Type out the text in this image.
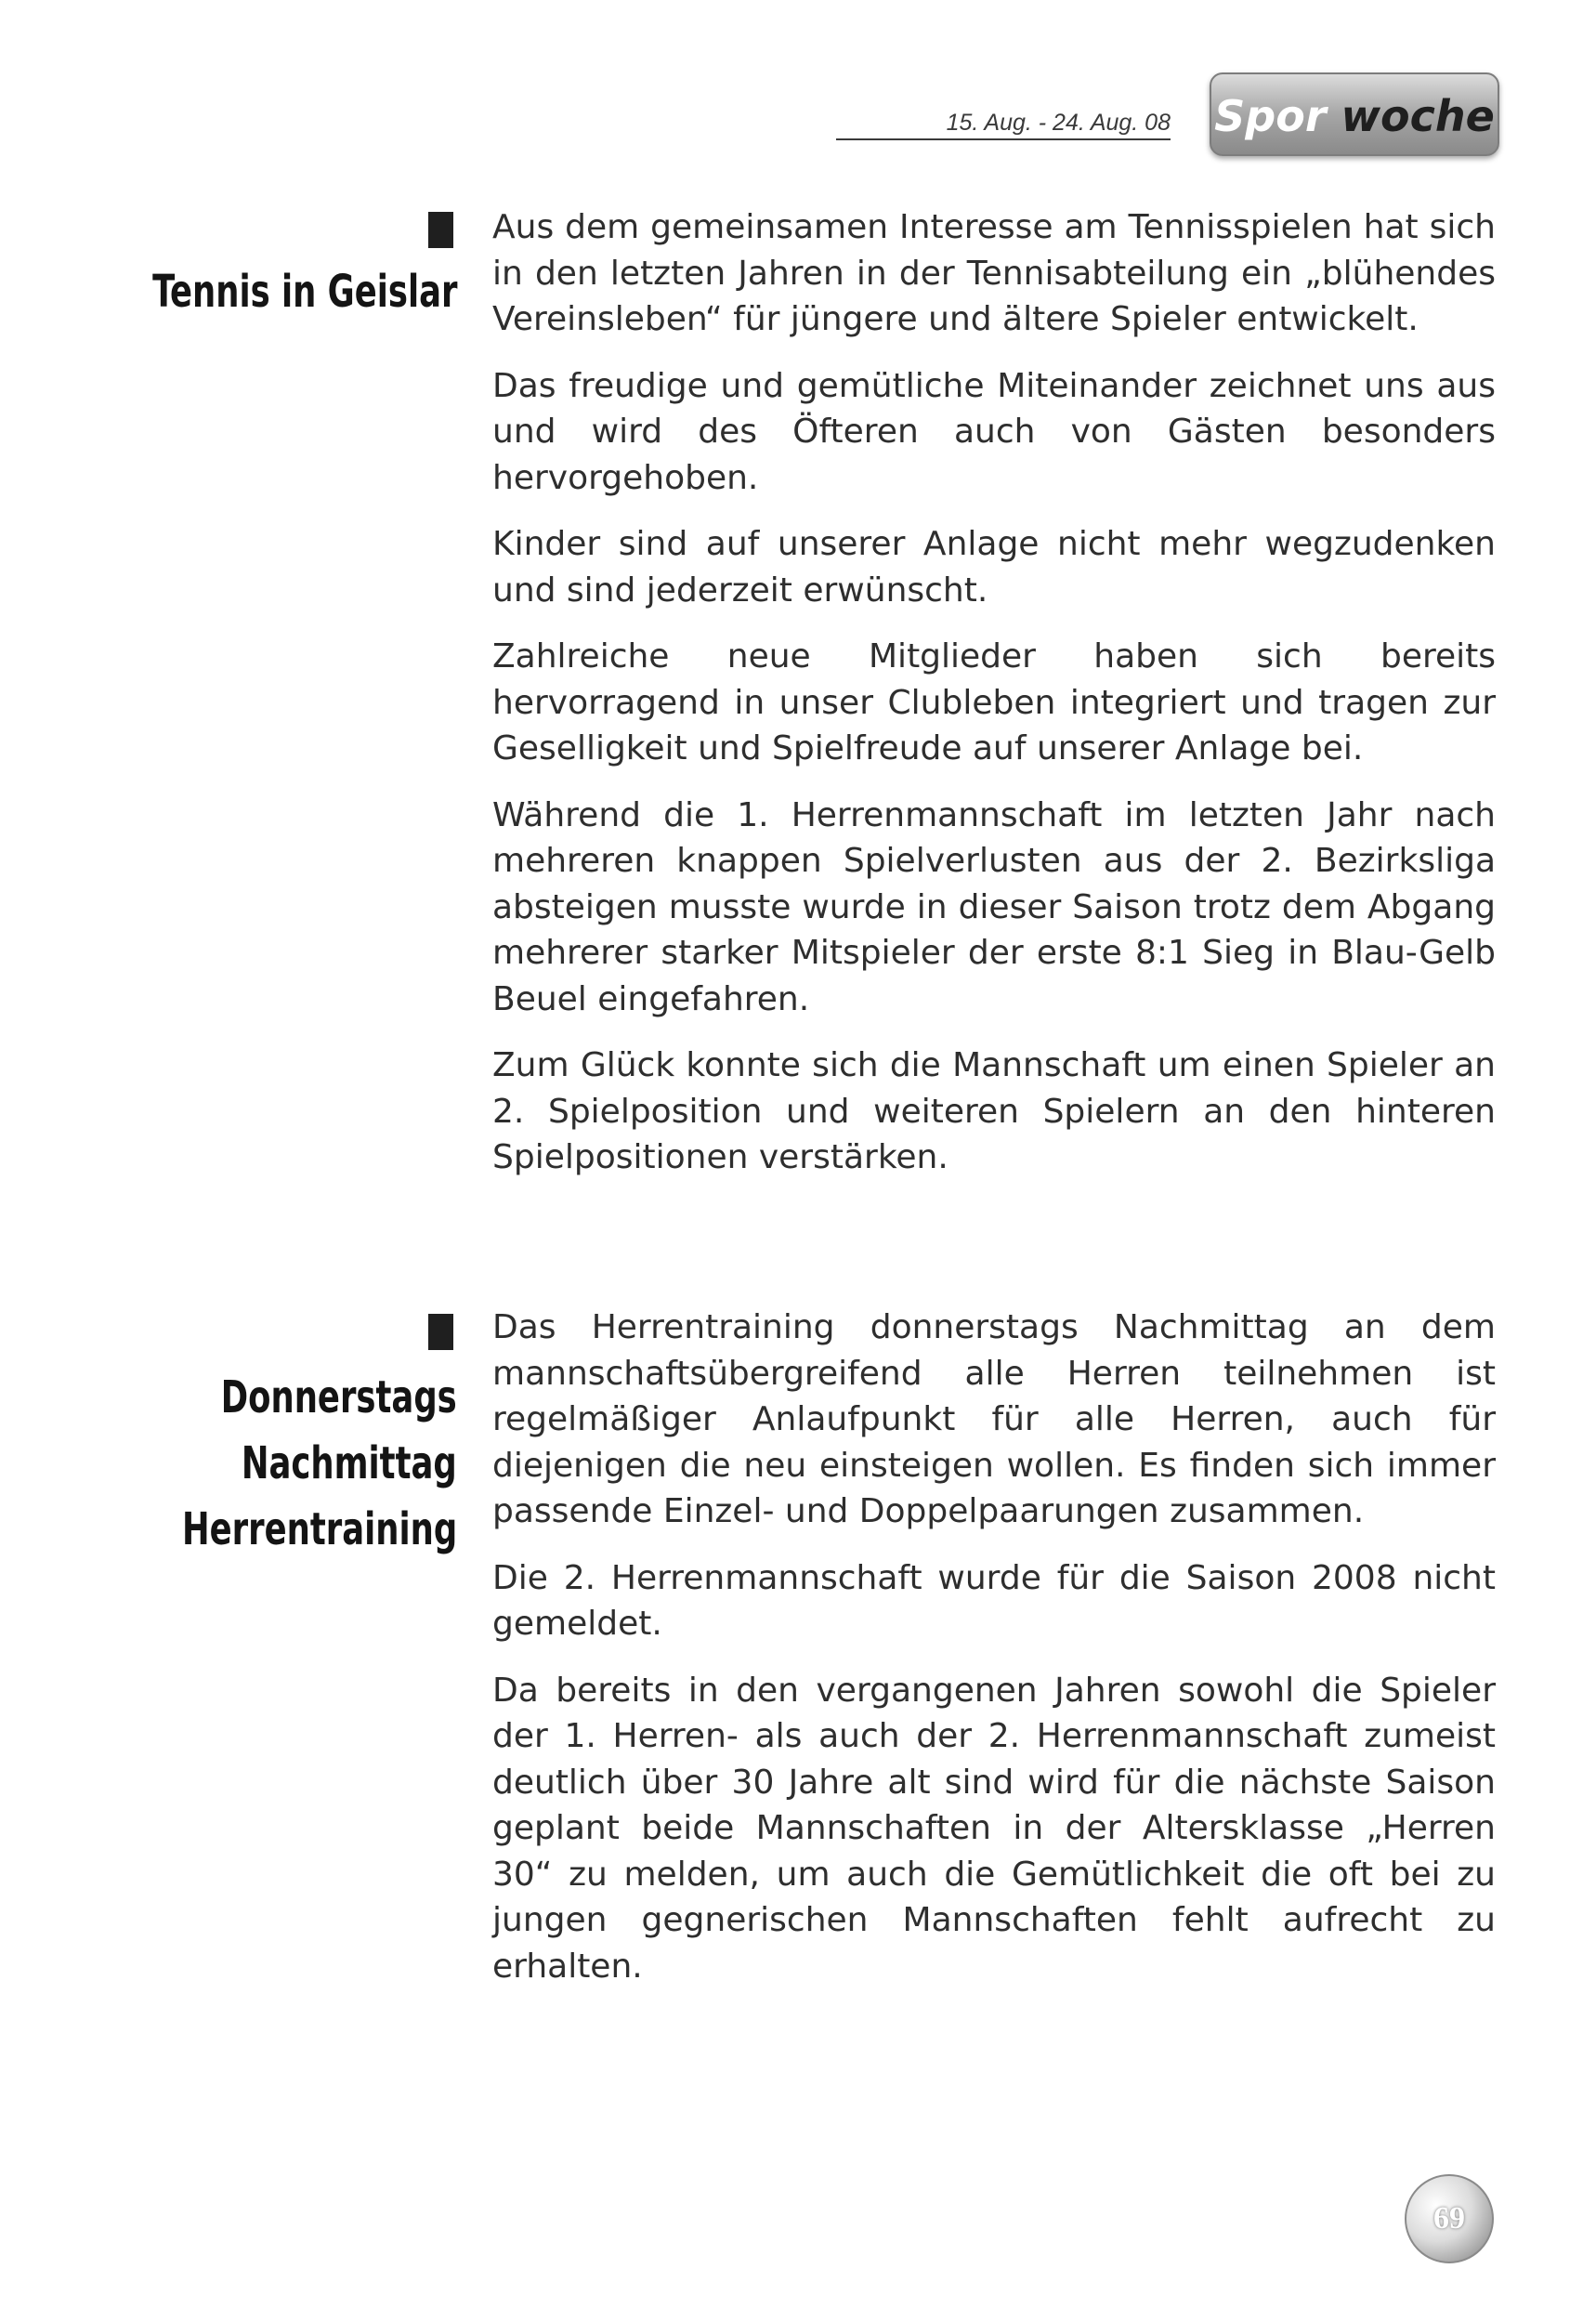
15. Aug. - 24. Aug. 08 Spor woche
Tennis in Geislar

Aus dem gemeinsamen Interesse am Tennisspielen hat sich in den letzten Jahren in der Tennisabteilung ein „blühendes Vereinsleben“ für jüngere und ältere Spieler entwickelt.

Das freudige und gemütliche Miteinander zeichnet uns aus und wird des Öfteren auch von Gästen besonders hervorgehoben.

Kinder sind auf unserer Anlage nicht mehr wegzudenken und sind jederzeit erwünscht.

Zahlreiche neue Mitglieder haben sich bereits hervorragend in unser Clubleben integriert und tragen zur Geselligkeit und Spielfreude auf unserer Anlage bei.

Während die 1. Herrenmannschaft im letzten Jahr nach mehreren knappen Spielverlusten aus der 2. Bezirksliga absteigen musste wurde in dieser Saison trotz dem Abgang mehrerer starker Mitspieler der erste 8:1 Sieg in Blau-Gelb Beuel eingefahren.

Zum Glück konnte sich die Mannschaft um einen Spieler an 2. Spielposition und weiteren Spielern an den hinteren Spielpositionen verstärken.

Donnerstags
Nachmittag
Herrentraining

Das Herrentraining donnerstags Nachmittag an dem mannschaftsübergreifend alle Herren teilnehmen ist regelmäßiger Anlaufpunkt für alle Herren, auch für diejenigen die neu einsteigen wollen. Es finden sich immer passende Einzel- und Doppelpaarungen zusammen.

Die 2. Herrenmannschaft wurde für die Saison 2008 nicht gemeldet.

Da bereits in den vergangenen Jahren sowohl die Spieler der 1. Herren- als auch der 2. Herrenmannschaft zumeist deutlich über 30 Jahre alt sind wird für die nächste Saison geplant beide Mannschaften in der Altersklasse „Herren 30“ zu melden, um auch die Gemütlichkeit die oft bei zu jungen gegnerischen Mannschaften fehlt aufrecht zu erhalten.

69
